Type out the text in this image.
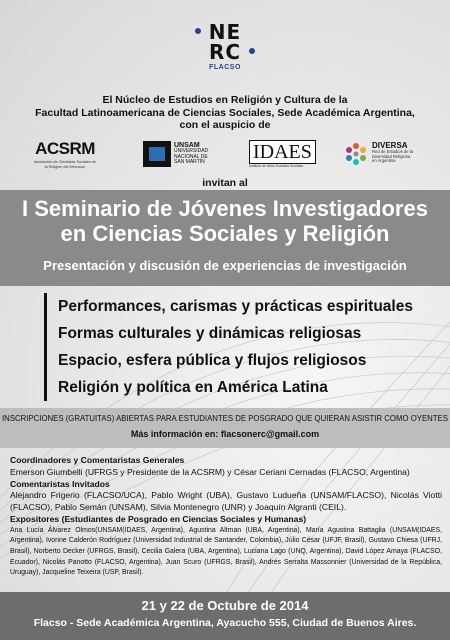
NE
RC
FLACSO
El Núcleo de Estudios en Religión y Cultura de la
Facultad Latinoamericana de Ciencias Sociales, Sede Académica Argentina,
con el auspicio de
ACSRM
Asociación de Cientistas Sociales de la Religión del Mercosur
UNSAM
UNIVERSIDAD
NACIONAL DE
SAN MARTÍN IDAES
Instituto de Altos Estudios Sociales
DIVERSA
Red de Estudios de la
Diversidad Religiosa
en Argentina
invitan al
I Seminario de Jóvenes Investigadores
en Ciencias Sociales y Religión
Presentación y discusión de experiencias de investigación
Performances, carismas y prácticas espirituales
Formas culturales y dinámicas religiosas
Espacio, esfera pública y flujos religiosos
Religión y política en América Latina
INSCRIPCIONES (GRATUITAS) ABIERTAS PARA ESTUDIANTES DE POSGRADO QUE QUIERAN ASISTIR COMO OYENTES
Más información en: flacsonerc@gmail.com
Coordinadores y Comentaristas Generales

Emerson Giumbelli (UFRGS y Presidente de la ACSRM) y César Ceriani Cernadas (FLACSO, Argentina)

Comentaristas Invitados

Alejandro Frigerio (FLACSO/UCA), Pablo Wright (UBA), Gustavo Ludueña (UNSAM/FLACSO), Nicolás Viotti (FLACSO), Pablo Semán (UNSAM), Silvia Montenegro (UNR) y Joaquín Algranti (CEIL).

Expositores (Estudiantes de Posgrado en Ciencias Sociales y Humanas)

Ana Lucía Álvarez Olmos(UNSAM(IDAES, Argentina), Agustina Altman (UBA, Argentina), María Agustina Battaglia (UNSAM(IDAES, Argentina), Ivonne Calderón Rodríguez (Universidad Industrial de Santander, Colombia), Júlio César (UFJF, Brasil), Gustavo Chiesa (UFRJ, Brasil), Norberto Decker (UFRGS, Brasil), Cecilia Galera (UBA, Argentina), Luciana Lago (UNQ, Argentina), David López Amaya (FLACSO, Ecuador), Nicolás Panotto (FLACSO, Argentina), Juan Scuro (UFRGS, Brasil), Andrés Serralta Massonnier (Universidad de la República, Uruguay), Jacqueline Teixeira (USP, Brasil).

21 y 22 de Octubre de 2014
Flacso - Sede Académica Argentina, Ayacucho 555, Ciudad de Buenos Aires.
